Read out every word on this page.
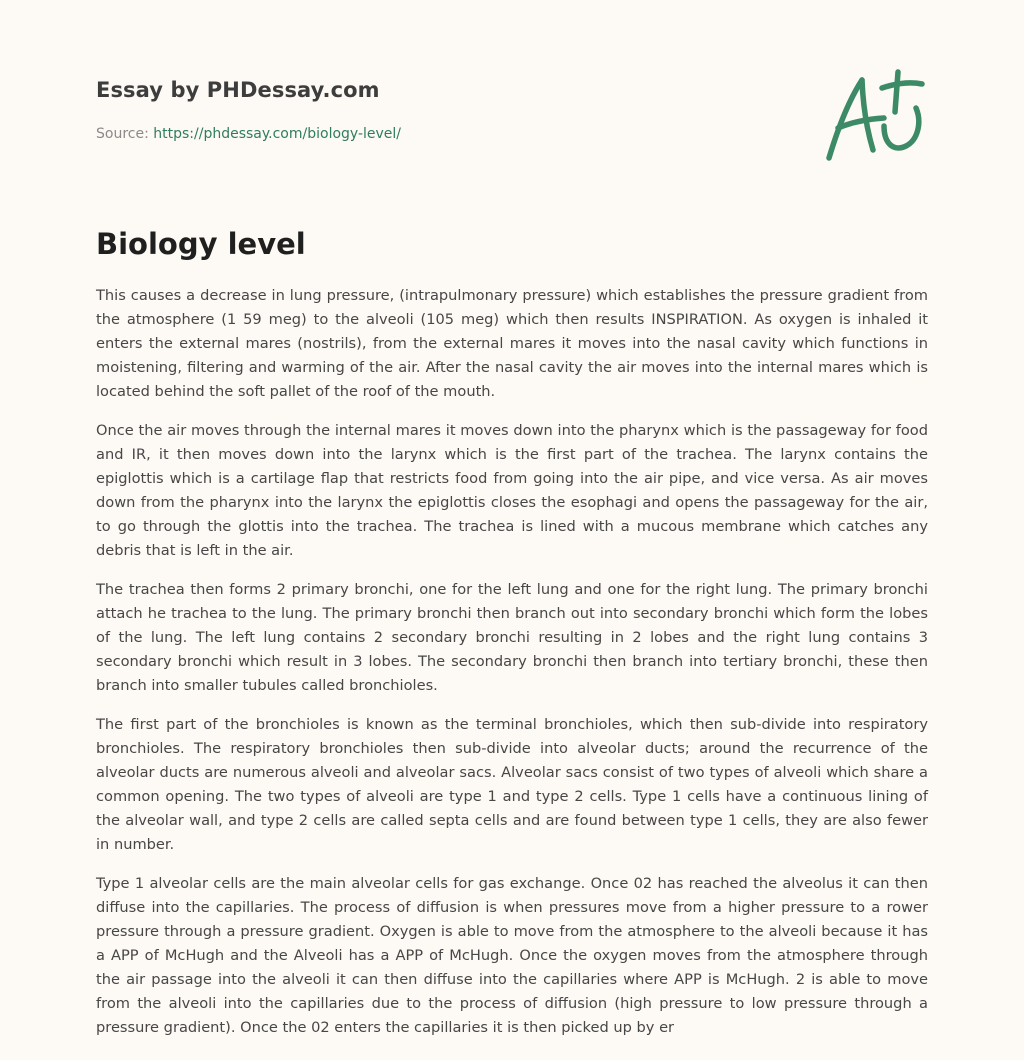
Essay by PHDessay.com
Source: https://phdessay.com/biology-level/
Biology level

This causes a decrease in lung pressure, (intrapulmonary pressure) which establishes the pressure gradient from the atmosphere (1 59 meg) to the alveoli (105 meg) which then results INSPIRATION. As oxygen is inhaled it enters the external mares (nostrils), from the external mares it moves into the nasal cavity which functions in moistening, filtering and warming of the air. After the nasal cavity the air moves into the internal mares which is located behind the soft pallet of the roof of the mouth.

Once the air moves through the internal mares it moves down into the pharynx which is the passageway for food and IR, it then moves down into the larynx which is the first part of the trachea. The larynx contains the epiglottis which is a cartilage flap that restricts food from going into the air pipe, and vice versa. As air moves down from the pharynx into the larynx the epiglottis closes the esophagi and opens the passageway for the air, to go through the glottis into the trachea. The trachea is lined with a mucous membrane which catches any debris that is left in the air.

The trachea then forms 2 primary bronchi, one for the left lung and one for the right lung. The primary bronchi attach he trachea to the lung. The primary bronchi then branch out into secondary bronchi which form the lobes of the lung. The left lung contains 2 secondary bronchi resulting in 2 lobes and the right lung contains 3 secondary bronchi which result in 3 lobes. The secondary bronchi then branch into tertiary bronchi, these then branch into smaller tubules called bronchioles.

The first part of the bronchioles is known as the terminal bronchioles, which then sub-divide into respiratory bronchioles. The respiratory bronchioles then sub-divide into alveolar ducts; around the recurrence of the alveolar ducts are numerous alveoli and alveolar sacs. Alveolar sacs consist of two types of alveoli which share a common opening. The two types of alveoli are type 1 and type 2 cells. Type 1 cells have a continuous lining of the alveolar wall, and type 2 cells are called septa cells and are found between type 1 cells, they are also fewer in number.

Type 1 alveolar cells are the main alveolar cells for gas exchange. Once 02 has reached the alveolus it can then diffuse into the capillaries. The process of diffusion is when pressures move from a higher pressure to a rower pressure through a pressure gradient. Oxygen is able to move from the atmosphere to the alveoli because it has a APP of McHugh and the Alveoli has a APP of McHugh. Once the oxygen moves from the atmosphere through the air passage into the alveoli it can then diffuse into the capillaries where APP is McHugh. 2 is able to move from the alveoli into the capillaries due to the process of diffusion (high pressure to low pressure through a pressure gradient). Once the 02 enters the capillaries it is then picked up by er
